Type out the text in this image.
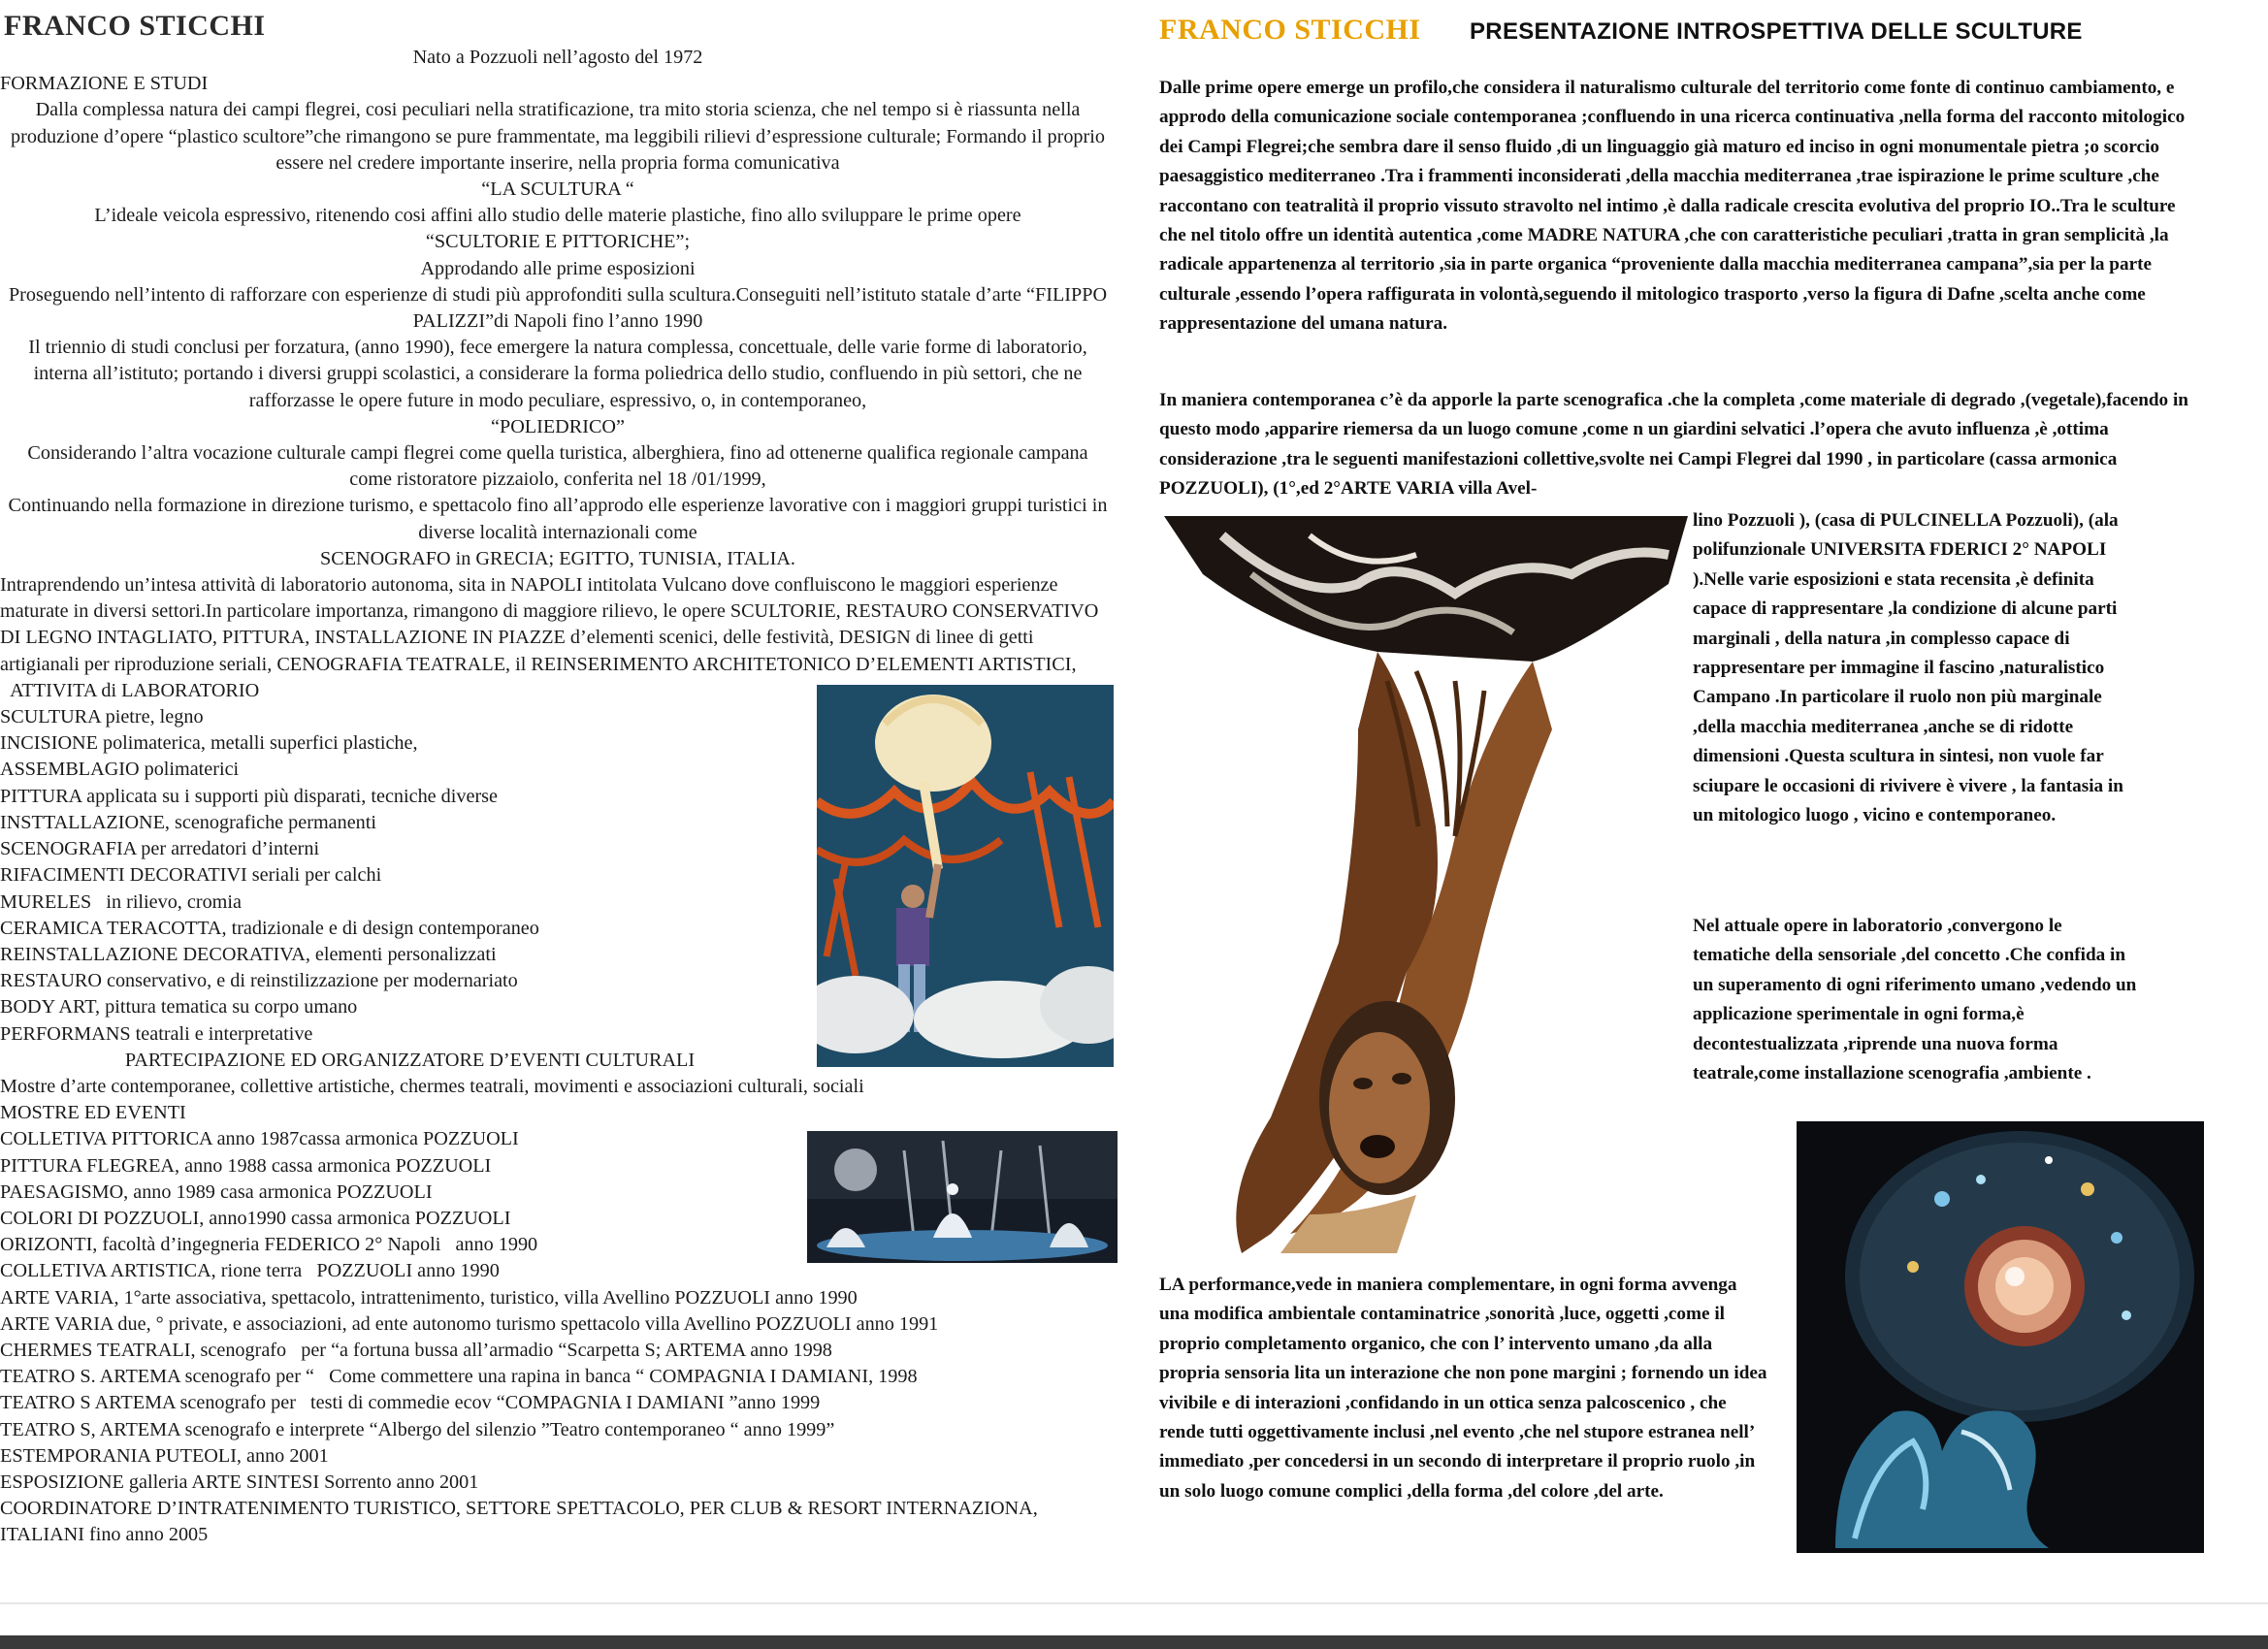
FRANCO STICCHI
Nato a Pozzuoli nell’agosto del 1972
FORMAZIONE E STUDI
Dalla complessa natura dei campi flegrei, cosi peculiari nella stratificazione, tra mito storia scienza, che nel tempo si è riassunta nella produzione d’opere “plastico scultore”che rimangono se pure frammentate, ma leggibili rilievi d’espressione culturale; Formando il proprio essere nel credere importante inserire, nella propria forma comunicativa
“LA SCULTURA “
L’ideale veicola espressivo, ritenendo cosi affini allo studio delle materie plastiche, fino allo sviluppare le prime opere
“SCULTORIE E PITTORICHE”;
Approdando alle prime esposizioni
Proseguendo nell’intento di rafforzare con esperienze di studi più approfonditi sulla scultura.Conseguiti nell’istituto statale d’arte “FILIPPO PALIZZI”di Napoli fino l’anno 1990
Il triennio di studi conclusi per forzatura, (anno 1990), fece emergere la natura complessa, concettuale, delle varie forme di laboratorio, interna all’istituto; portando i diversi gruppi scolastici, a considerare la forma poliedrica dello studio, confluendo in più settori, che ne rafforzasse le opere future in modo peculiare, espressivo, o, in contemporaneo,
“POLIEDRICO”
Considerando l’altra vocazione culturale campi flegrei come quella turistica, alberghiera, fino ad ottenerne qualifica regionale campana come ristoratore pizzaiolo, conferita nel 18 /01/1999,
Continuando nella formazione in direzione turismo, e spettacolo fino all’approdo elle esperienze lavorative con i maggiori gruppi turistici in diverse località internazionali come
SCENOGRAFO in GRECIA; EGITTO, TUNISIA, ITALIA.
Intraprendendo un’intesa attività di laboratorio autonoma, sita in NAPOLI intitolata Vulcano dove confluiscono le maggiori esperienze maturate in diversi settori.In particolare importanza, rimangono di maggiore rilievo, le opere SCULTORIE, RESTAURO CONSERVATIVO DI LEGNO INTAGLIATO, PITTURA, INSTALLAZIONE IN PIAZZE d’elementi scenici, delle festività, DESIGN di linee di getti artigianali per riproduzione seriali, CENOGRAFIA TEATRALE, il REINSERIMENTO ARCHITETONICO D’ELEMENTI ARTISTICI,
ATTIVITA di LABORATORIO
SCULTURA pietre, legno
INCISIONE polimaterica, metalli superfici plastiche,
ASSEMBLAGIO polimaterici
PITTURA applicata su i supporti più disparati, tecniche diverse
INSTTALLAZIONE, scenografiche permanenti
SCENOGRAFIA per arredatori d’interni
RIFACIMENTI DECORATIVI seriali per calchi
MURELES   in rilievo, cromia
CERAMICA TERACOTTA, tradizionale e di design contemporaneo
REINSTALLAZIONE DECORATIVA, elementi personalizzati
RESTAURO conservativo, e di reinstilizzazione per modernariato
BODY ART, pittura tematica su corpo umano
PERFORMANS teatrali e interpretative
PARTECIPAZIONE ED ORGANIZZATORE D’EVENTI CULTURALI
Mostre d’arte contemporanee, collettive artistiche, chermes teatrali, movimenti e associazioni culturali, sociali
MOSTRE ED EVENTI
COLLETIVA PITTORICA anno 1987cassa armonica POZZUOLI
PITTURA FLEGREA, anno 1988 cassa armonica POZZUOLI
PAESAGISMO, anno 1989 casa armonica POZZUOLI
COLORI DI POZZUOLI, anno1990 cassa armonica POZZUOLI
ORIZONTI, facoltà d’ingegneria FEDERICO 2° Napoli   anno 1990
COLLETIVA ARTISTICA, rione terra   POZZUOLI anno 1990
ARTE VARIA, 1°arte associativa, spettacolo, intrattenimento, turistico, villa Avellino POZZUOLI anno 1990
ARTE VARIA due, ° private, e associazioni, ad ente autonomo turismo spettacolo villa Avellino POZZUOLI anno 1991
CHERMES TEATRALI, scenografo   per “a fortuna bussa all’armadio “Scarpetta S; ARTEMA anno 1998
TEATRO S. ARTEMA scenografo per “   Come commettere una rapina in banca “ COMPAGNIA I DAMIANI, 1998
TEATRO S ARTEMA scenografo per   testi di commedie ecov “COMPAGNIA I DAMIANI ”anno 1999
TEATRO S, ARTEMA scenografo e interprete “Albergo del silenzio ”Teatro contemporaneo “ anno 1999”
ESTEMPORANIA PUTEOLI, anno 2001
ESPOSIZIONE galleria ARTE SINTESI Sorrento anno 2001
COORDINATORE D’INTRATENIMENTO TURISTICO, SETTORE SPETTACOLO, PER CLUB & RESORT INTERNAZIONA, ITALIANI fino anno 2005
FRANCO STICCHI PRESENTAZIONE INTROSPETTIVA DELLE SCULTURE
Dalle prime opere emerge un profilo,che considera il naturalismo culturale del territorio come fonte di continuo cambiamento, e approdo della comunicazione sociale contemporanea ;confluendo in una ricerca continuativa ,nella forma del racconto mitologico dei Campi Flegrei;che sembra dare il senso fluido ,di un linguaggio già maturo ed inciso in ogni monumentale pietra ;o scorcio paesaggistico mediterraneo .Tra i frammenti inconsiderati ,della macchia mediterranea ,trae ispirazione le prime sculture ,che raccontano con teatralità il proprio vissuto stravolto nel intimo ,è dalla radicale crescita evolutiva del proprio IO..Tra le sculture che nel titolo offre un identità autentica ,come MADRE NATURA ,che con caratteristiche peculiari ,tratta in gran semplicità ,la radicale appartenenza al territorio ,sia in parte organica “proveniente dalla macchia mediterranea campana”,sia per la parte culturale ,essendo l’opera raffigurata in volontà,seguendo il mitologico trasporto ,verso la figura di Dafne ,scelta anche come rappresentazione del umana natura.
In maniera contemporanea c’è da apporle la parte scenografica .che la completa ,come materiale di degrado ,(vegetale),facendo in questo modo ,apparire riemersa da un luogo comune ,come n un giardini selvatici .l’opera che avuto influenza ,è ,ottima considerazione ,tra le seguenti manifestazioni collettive,svolte nei Campi Flegrei dal 1990 , in particolare (cassa armonica POZZUOLI), (1°,ed 2°ARTE VARIA villa Avel-
lino Pozzuoli ), (casa di PULCINELLA Pozzuoli), (ala polifunzionale UNIVERSITA FDERICI 2° NAPOLI ).Nelle varie esposizioni e stata recensita ,è definita capace di rappresentare ,la condizione di alcune parti marginali , della natura ,in complesso capace di rappresentare per immagine il fascino ,naturalistico Campano .In particolare il ruolo non più marginale ,della macchia mediterranea ,anche se di ridotte dimensioni .Questa scultura in sintesi, non vuole far sciupare le occasioni di rivivere è vivere , la fantasia in un mitologico luogo , vicino e contemporaneo.
Nel attuale opere in laboratorio ,convergono le tematiche della sensoriale ,del concetto .Che confida in un superamento di ogni riferimento umano ,vedendo un applicazione sperimentale in ogni forma,è decontestualizzata ,riprende una nuova forma teatrale,come installazione scenografia ,ambiente .
LA performance,vede in maniera complementare, in ogni forma avvenga una modifica ambientale contaminatrice ,sonorità ,luce, oggetti ,come il proprio completamento organico, che con l’ intervento umano ,da alla propria sensoria lita un interazione che non pone margini ; fornendo un idea vivibile e di interazioni ,confidando in un ottica senza palcoscenico , che rende tutti oggettivamente inclusi ,nel evento ,che nel stupore estranea nell’ immediato ,per concedersi in un secondo di interpretare il proprio ruolo ,in un solo luogo comune complici ,della forma ,del colore ,del arte.
